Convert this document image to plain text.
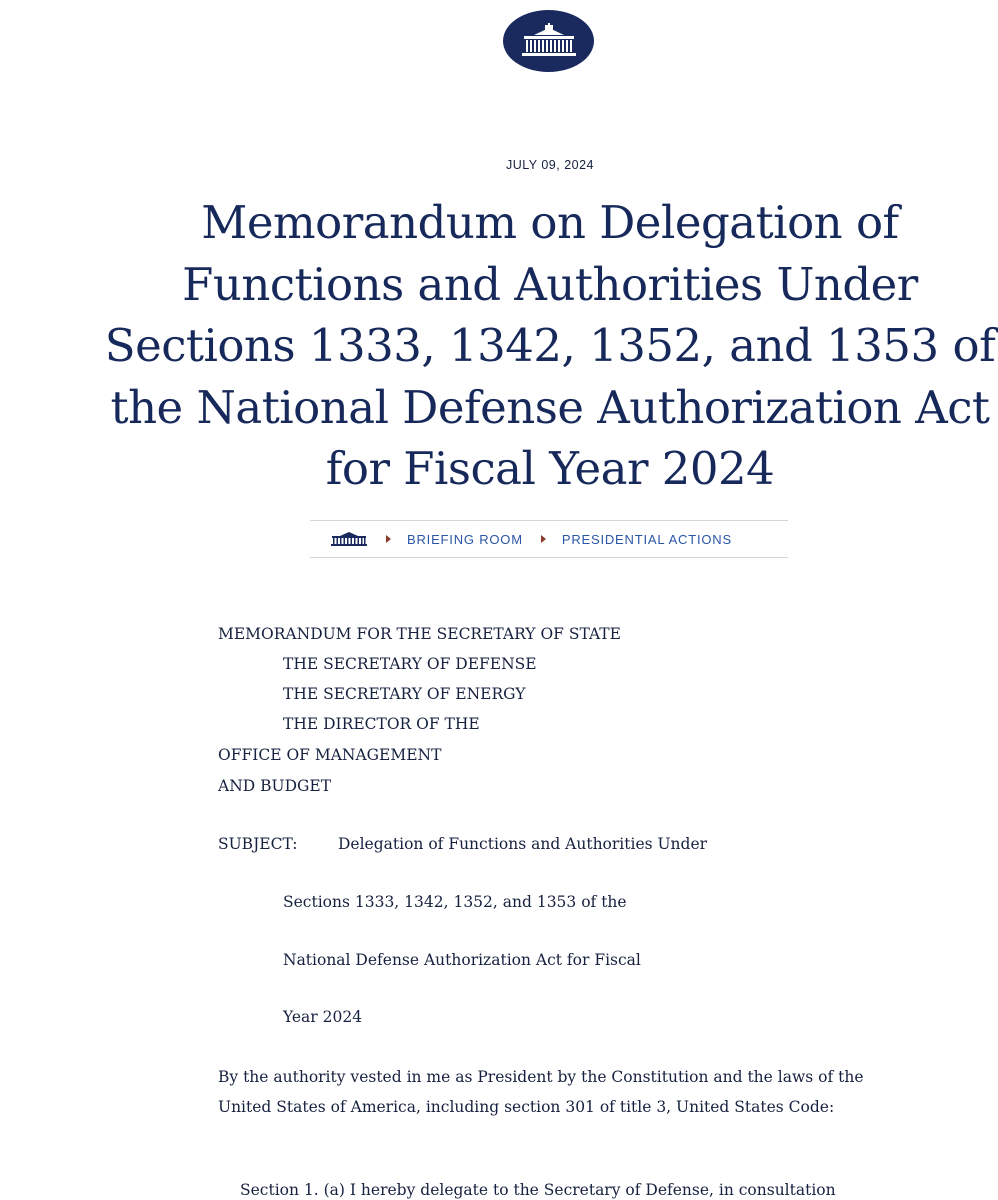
JULY 09, 2024
Memorandum on Delegation of Functions and Authorities Under Sections 1333, 1342, 1352, and 1353 of the National Defense Authorization Act for Fiscal Year 2024
BRIEFING ROOM	PRESIDENTIAL ACTIONS
MEMORANDUM FOR THE SECRETARY OF STATE
THE SECRETARY OF DEFENSE
THE SECRETARY OF ENERGY
THE DIRECTOR OF THE
OFFICE OF MANAGEMENT
AND BUDGET
SUBJECT:	Delegation of Functions and Authorities Under
Sections 1333, 1342, 1352, and 1353 of the
National Defense Authorization Act for Fiscal
Year 2024
By the authority vested in me as President by the Constitution and the laws of the United States of America, including section 301 of title 3, United States Code:
Section 1. (a) I hereby delegate to the Secretary of Defense, in consultation
